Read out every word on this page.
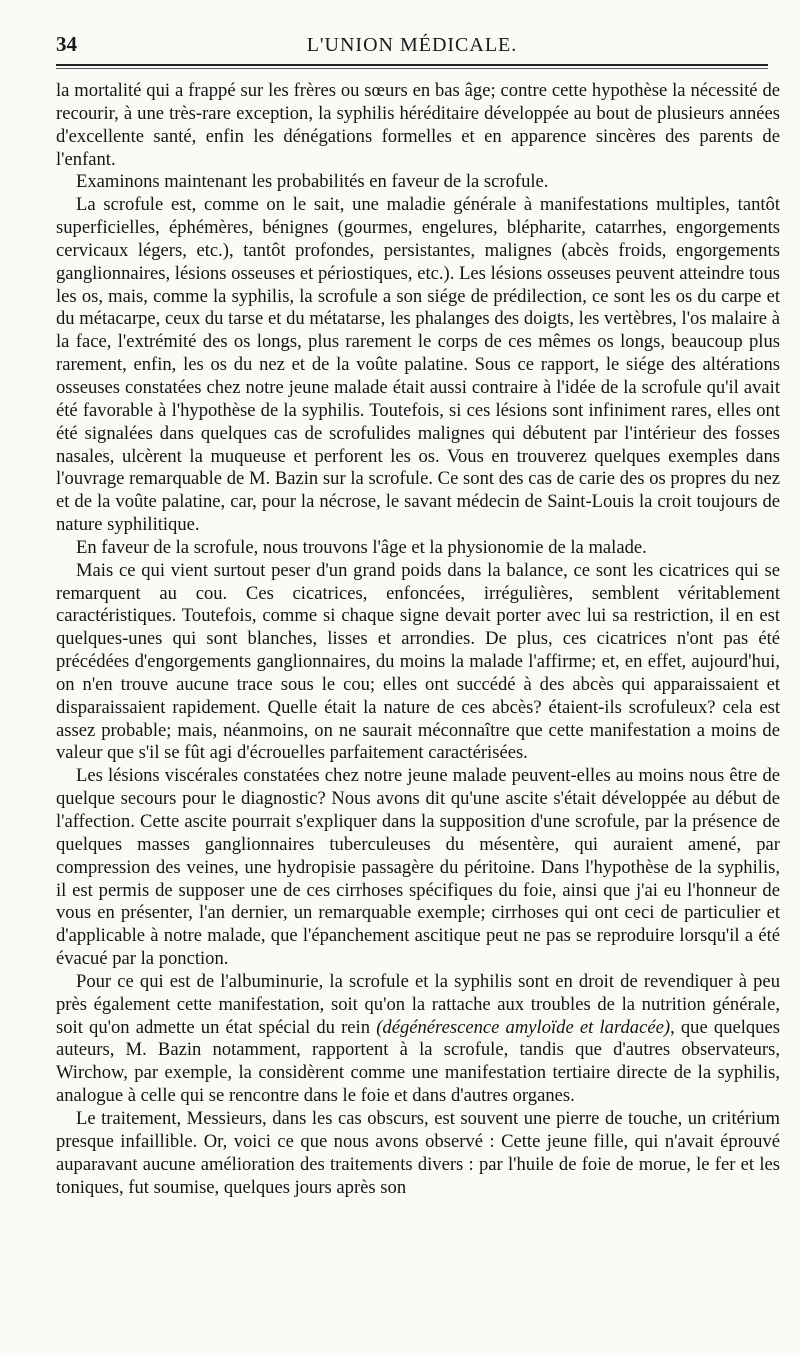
34	L'UNION MÉDICALE.

la mortalité qui a frappé sur les frères ou sœurs en bas âge; contre cette hypothèse la nécessité de recourir, à une très-rare exception, la syphilis héréditaire développée au bout de plusieurs années d'excellente santé, enfin les dénégations formelles et en apparence sincères des parents de l'enfant.

Examinons maintenant les probabilités en faveur de la scrofule.

La scrofule est, comme on le sait, une maladie générale à manifestations multiples, tantôt superficielles, éphémères, bénignes (gourmes, engelures, blépharite, catarrhes, engorgements cervicaux légers, etc.), tantôt profondes, persistantes, malignes (abcès froids, engorgements ganglionnaires, lésions osseuses et périostiques, etc.). Les lésions osseuses peuvent atteindre tous les os, mais, comme la syphilis, la scrofule a son siége de prédilection, ce sont les os du carpe et du métacarpe, ceux du tarse et du métatarse, les phalanges des doigts, les vertèbres, l'os malaire à la face, l'extrémité des os longs, plus rarement le corps de ces mêmes os longs, beaucoup plus rarement, enfin, les os du nez et de la voûte palatine. Sous ce rapport, le siége des altérations osseuses constatées chez notre jeune malade était aussi contraire à l'idée de la scrofule qu'il avait été favorable à l'hypothèse de la syphilis. Toutefois, si ces lésions sont infiniment rares, elles ont été signalées dans quelques cas de scrofulides malignes qui débutent par l'intérieur des fosses nasales, ulcèrent la muqueuse et perforent les os. Vous en trouverez quelques exemples dans l'ouvrage remarquable de M. Bazin sur la scrofule. Ce sont des cas de carie des os propres du nez et de la voûte palatine, car, pour la nécrose, le savant médecin de Saint-Louis la croit toujours de nature syphilitique.

En faveur de la scrofule, nous trouvons l'âge et la physionomie de la malade.

Mais ce qui vient surtout peser d'un grand poids dans la balance, ce sont les cicatrices qui se remarquent au cou. Ces cicatrices, enfoncées, irrégulières, semblent véritablement caractéristiques. Toutefois, comme si chaque signe devait porter avec lui sa restriction, il en est quelques-unes qui sont blanches, lisses et arrondies. De plus, ces cicatrices n'ont pas été précédées d'engorgements ganglionnaires, du moins la malade l'affirme; et, en effet, aujourd'hui, on n'en trouve aucune trace sous le cou; elles ont succédé à des abcès qui apparaissaient et disparaissaient rapidement. Quelle était la nature de ces abcès? étaient-ils scrofuleux? cela est assez probable; mais, néanmoins, on ne saurait méconnaître que cette manifestation a moins de valeur que s'il se fût agi d'écrouelles parfaitement caractérisées.

Les lésions viscérales constatées chez notre jeune malade peuvent-elles au moins nous être de quelque secours pour le diagnostic? Nous avons dit qu'une ascite s'était développée au début de l'affection. Cette ascite pourrait s'expliquer dans la supposition d'une scrofule, par la présence de quelques masses ganglionnaires tuberculeuses du mésentère, qui auraient amené, par compression des veines, une hydropisie passagère du péritoine. Dans l'hypothèse de la syphilis, il est permis de supposer une de ces cirrhoses spécifiques du foie, ainsi que j'ai eu l'honneur de vous en présenter, l'an dernier, un remarquable exemple; cirrhoses qui ont ceci de particulier et d'applicable à notre malade, que l'épanchement ascitique peut ne pas se reproduire lorsqu'il a été évacué par la ponction.

Pour ce qui est de l'albuminurie, la scrofule et la syphilis sont en droit de revendiquer à peu près également cette manifestation, soit qu'on la rattache aux troubles de la nutrition générale, soit qu'on admette un état spécial du rein (dégénérescence amyloïde et lardacée), que quelques auteurs, M. Bazin notamment, rapportent à la scrofule, tandis que d'autres observateurs, Wirchow, par exemple, la considèrent comme une manifestation tertiaire directe de la syphilis, analogue à celle qui se rencontre dans le foie et dans d'autres organes.

Le traitement, Messieurs, dans les cas obscurs, est souvent une pierre de touche, un critérium presque infaillible. Or, voici ce que nous avons observé : Cette jeune fille, qui n'avait éprouvé auparavant aucune amélioration des traitements divers : par l'huile de foie de morue, le fer et les toniques, fut soumise, quelques jours après son
